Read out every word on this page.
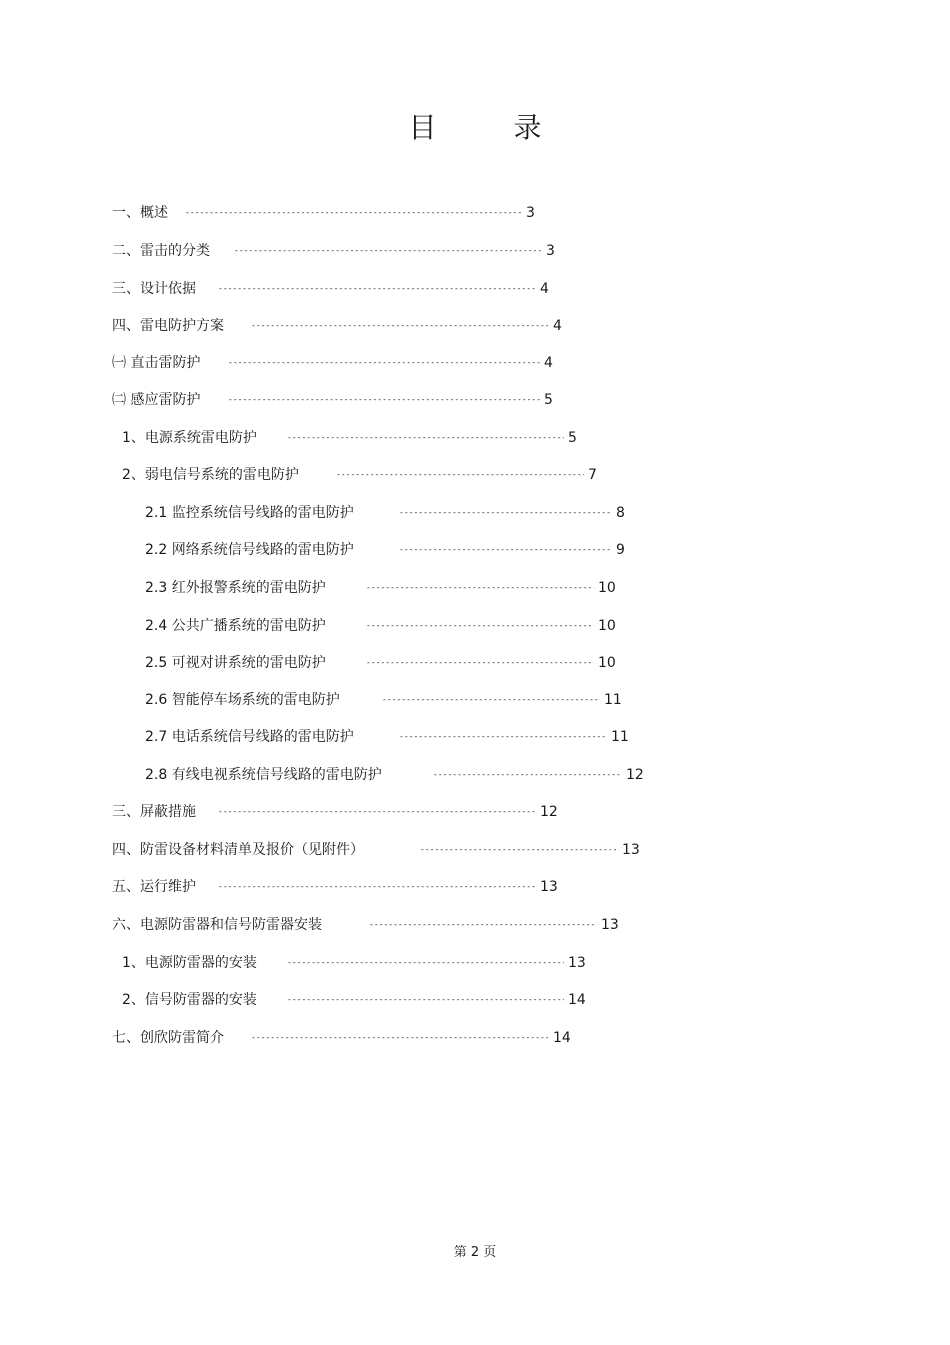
目 录
一、概述 -----	3
二、雷击的分类 -----	3
三、设计依据 -----	4
四、雷电防护方案 -----	4
㈠ 直击雷防护 -----	4
㈡ 感应雷防护 -----	5
1、电源系统雷电防护 -----	5
2、弱电信号系统的雷电防护 -----	7
2.1 监控系统信号线路的雷电防护 -----	8
2.2 网络系统信号线路的雷电防护 -----	9
2.3 红外报警系统的雷电防护 -----	10
2.4 公共广播系统的雷电防护 -----	10
2.5 可视对讲系统的雷电防护 -----	10
2.6 智能停车场系统的雷电防护 -----	11
2.7 电话系统信号线路的雷电防护 -----	11
2.8 有线电视系统信号线路的雷电防护 -----	12
三、屏蔽措施 -----	12
四、防雷设备材料清单及报价（见附件） -----	13
五、运行维护 -----	13
六、电源防雷器和信号防雷器安装 -----	13
1、电源防雷器的安装 -----	13
2、信号防雷器的安装 -----	14
七、创欣防雷简介 -----	14
第 2 页
